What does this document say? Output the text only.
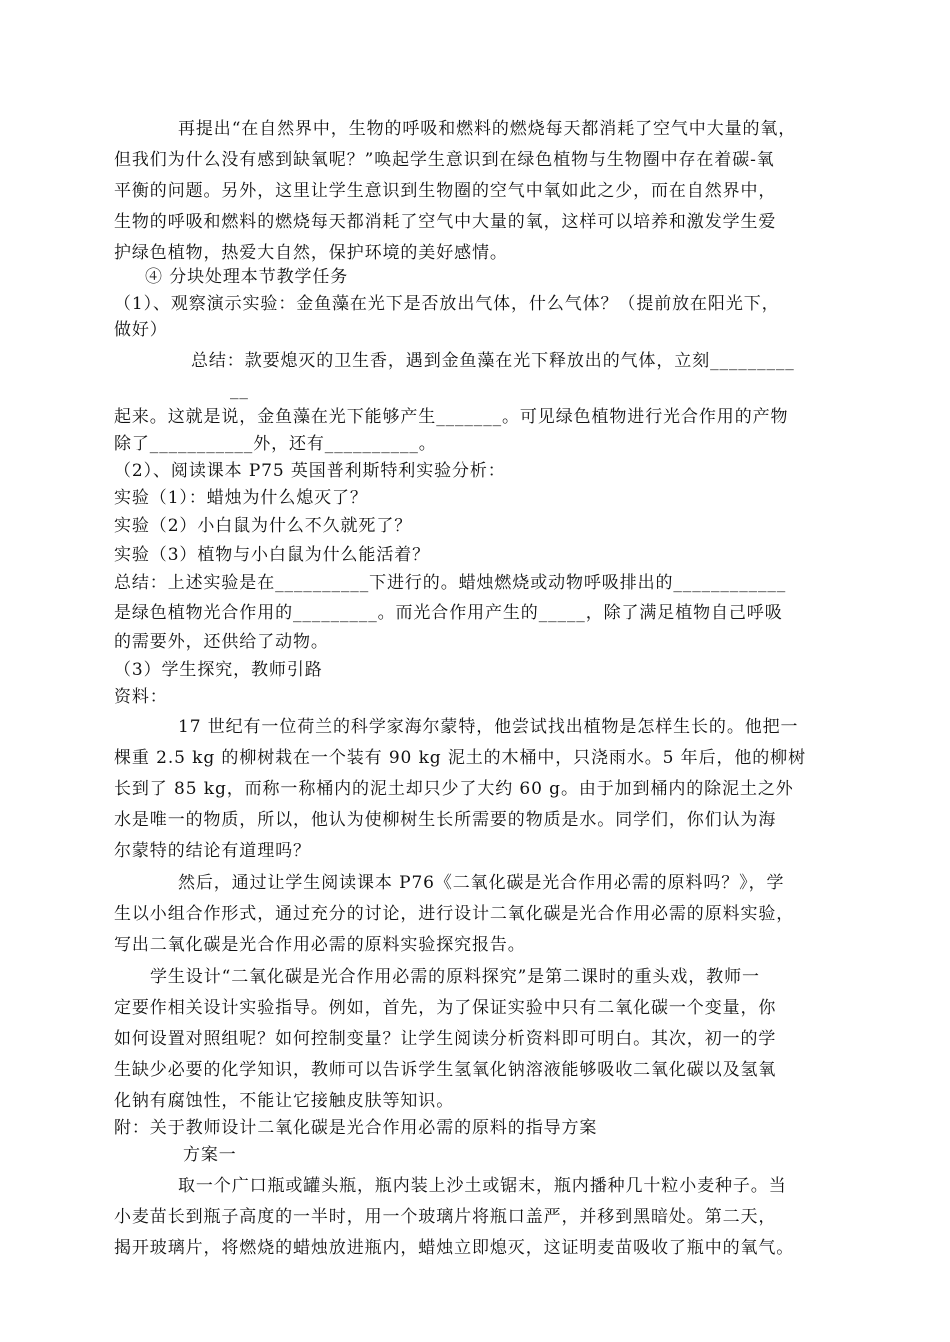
再提出“在自然界中，生物的呼吸和燃料的燃烧每天都消耗了空气中大量的氧，

但我们为什么没有感到缺氧呢？”唤起学生意识到在绿色植物与生物圈中存在着碳-氧

平衡的问题。另外，这里让学生意识到生物圈的空气中氧如此之少，而在自然界中，

生物的呼吸和燃料的燃烧每天都消耗了空气中大量的氧，这样可以培养和激发学生爱

护绿色植物，热爱大自然，保护环境的美好感情。

④ 分块处理本节教学任务

（1）、观察演示实验：金鱼藻在光下是否放出气体，什么气体？（提前放在阳光下，

做好）

总结：款要熄灭的卫生香，遇到金鱼藻在光下释放出的气体，立刻_________

__

起来。这就是说，金鱼藻在光下能够产生_______。可见绿色植物进行光合作用的产物

除了___________外，还有__________。

（2）、阅读课本 P75 英国普利斯特利实验分析：

实验（1）：蜡烛为什么熄灭了？

实验（2）小白鼠为什么不久就死了？

实验（3）植物与小白鼠为什么能活着？

总结：上述实验是在__________下进行的。蜡烛燃烧或动物呼吸排出的____________

是绿色植物光合作用的_________。而光合作用产生的_____，除了满足植物自己呼吸

的需要外，还供给了动物。

（3）学生探究，教师引路

资料：

17 世纪有一位荷兰的科学家海尔蒙特，他尝试找出植物是怎样生长的。他把一

棵重 2.5 kg 的柳树栽在一个装有 90 kg 泥土的木桶中，只浇雨水。5 年后，他的柳树

长到了 85 kg，而称一称桶内的泥土却只少了大约 60 g。由于加到桶内的除泥土之外

水是唯一的物质，所以，他认为使柳树生长所需要的物质是水。同学们，你们认为海

尔蒙特的结论有道理吗？

然后，通过让学生阅读课本 P76《二氧化碳是光合作用必需的原料吗？》，学

生以小组合作形式，通过充分的讨论，进行设计二氧化碳是光合作用必需的原料实验，

写出二氧化碳是光合作用必需的原料实验探究报告。

学生设计“二氧化碳是光合作用必需的原料探究”是第二课时的重头戏，教师一

定要作相关设计实验指导。例如，首先，为了保证实验中只有二氧化碳一个变量，你

如何设置对照组呢？如何控制变量？让学生阅读分析资料即可明白。其次，初一的学

生缺少必要的化学知识，教师可以告诉学生氢氧化钠溶液能够吸收二氧化碳以及氢氧

化钠有腐蚀性，不能让它接触皮肤等知识。

附：关于教师设计二氧化碳是光合作用必需的原料的指导方案

方案一

取一个广口瓶或罐头瓶，瓶内装上沙土或锯末，瓶内播种几十粒小麦种子。当

小麦苗长到瓶子高度的一半时，用一个玻璃片将瓶口盖严，并移到黑暗处。第二天，

揭开玻璃片，将燃烧的蜡烛放进瓶内，蜡烛立即熄灭，这证明麦苗吸收了瓶中的氧气。
